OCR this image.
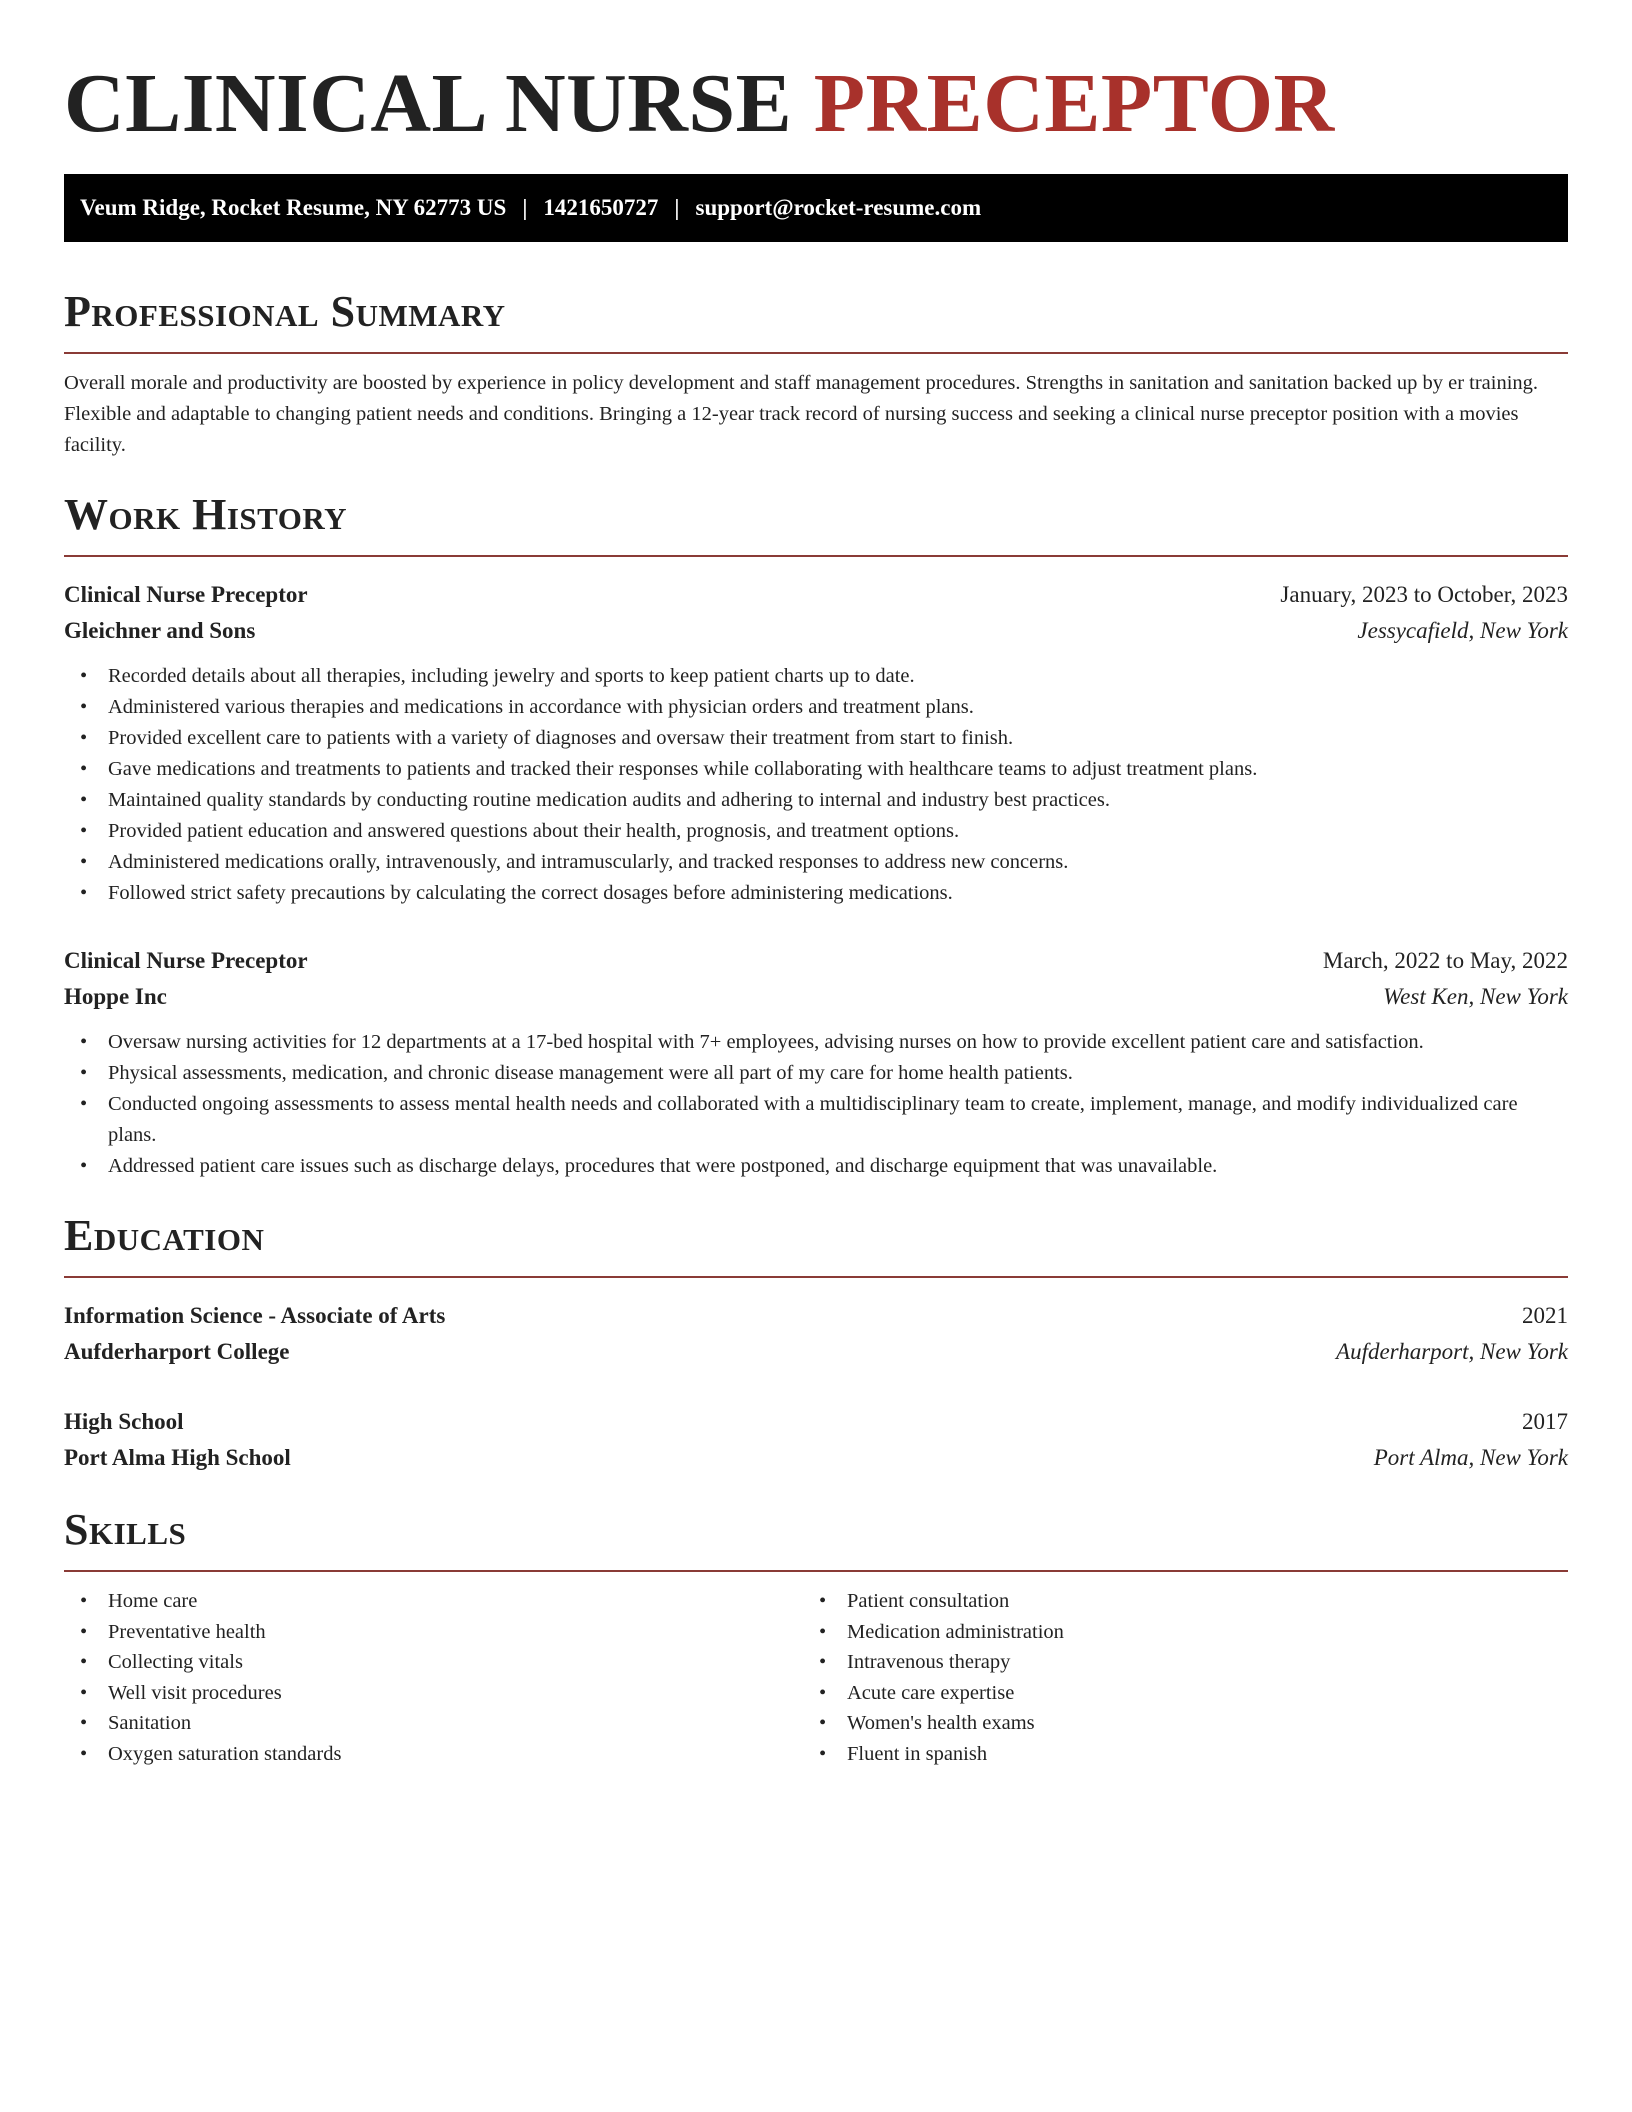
CLINICAL NURSE PRECEPTOR
Veum Ridge, Rocket Resume, NY 62773 US | 1421650727 | support@rocket-resume.com
Professional Summary

Overall morale and productivity are boosted by experience in policy development and staff management procedures. Strengths in sanitation and sanitation backed up by er training. Flexible and adaptable to changing patient needs and conditions. Bringing a 12-year track record of nursing success and seeking a clinical nurse preceptor position with a movies facility.

Work History
Clinical Nurse Preceptor	January, 2023 to October, 2023
Gleichner and Sons	Jessycafield, New York
• Recorded details about all therapies, including jewelry and sports to keep patient charts up to date.
• Administered various therapies and medications in accordance with physician orders and treatment plans.
• Provided excellent care to patients with a variety of diagnoses and oversaw their treatment from start to finish.
• Gave medications and treatments to patients and tracked their responses while collaborating with healthcare teams to adjust treatment plans.
• Maintained quality standards by conducting routine medication audits and adhering to internal and industry best practices.
• Provided patient education and answered questions about their health, prognosis, and treatment options.
• Administered medications orally, intravenously, and intramuscularly, and tracked responses to address new concerns.
• Followed strict safety precautions by calculating the correct dosages before administering medications.
Clinical Nurse Preceptor	March, 2022 to May, 2022
Hoppe Inc	West Ken, New York
• Oversaw nursing activities for 12 departments at a 17-bed hospital with 7+ employees, advising nurses on how to provide excellent patient care and satisfaction.
• Physical assessments, medication, and chronic disease management were all part of my care for home health patients.
• Conducted ongoing assessments to assess mental health needs and collaborated with a multidisciplinary team to create, implement, manage, and modify individualized care plans.
• Addressed patient care issues such as discharge delays, procedures that were postponed, and discharge equipment that was unavailable.
Education
Information Science - Associate of Arts	2021
Aufderharport College	Aufderharport, New York
High School	2017
Port Alma High School	Port Alma, New York
Skills
• Home care
• Preventative health
• Collecting vitals
• Well visit procedures
• Sanitation
• Oxygen saturation standards
• Patient consultation
• Medication administration
• Intravenous therapy
• Acute care expertise
• Women's health exams
• Fluent in spanish
